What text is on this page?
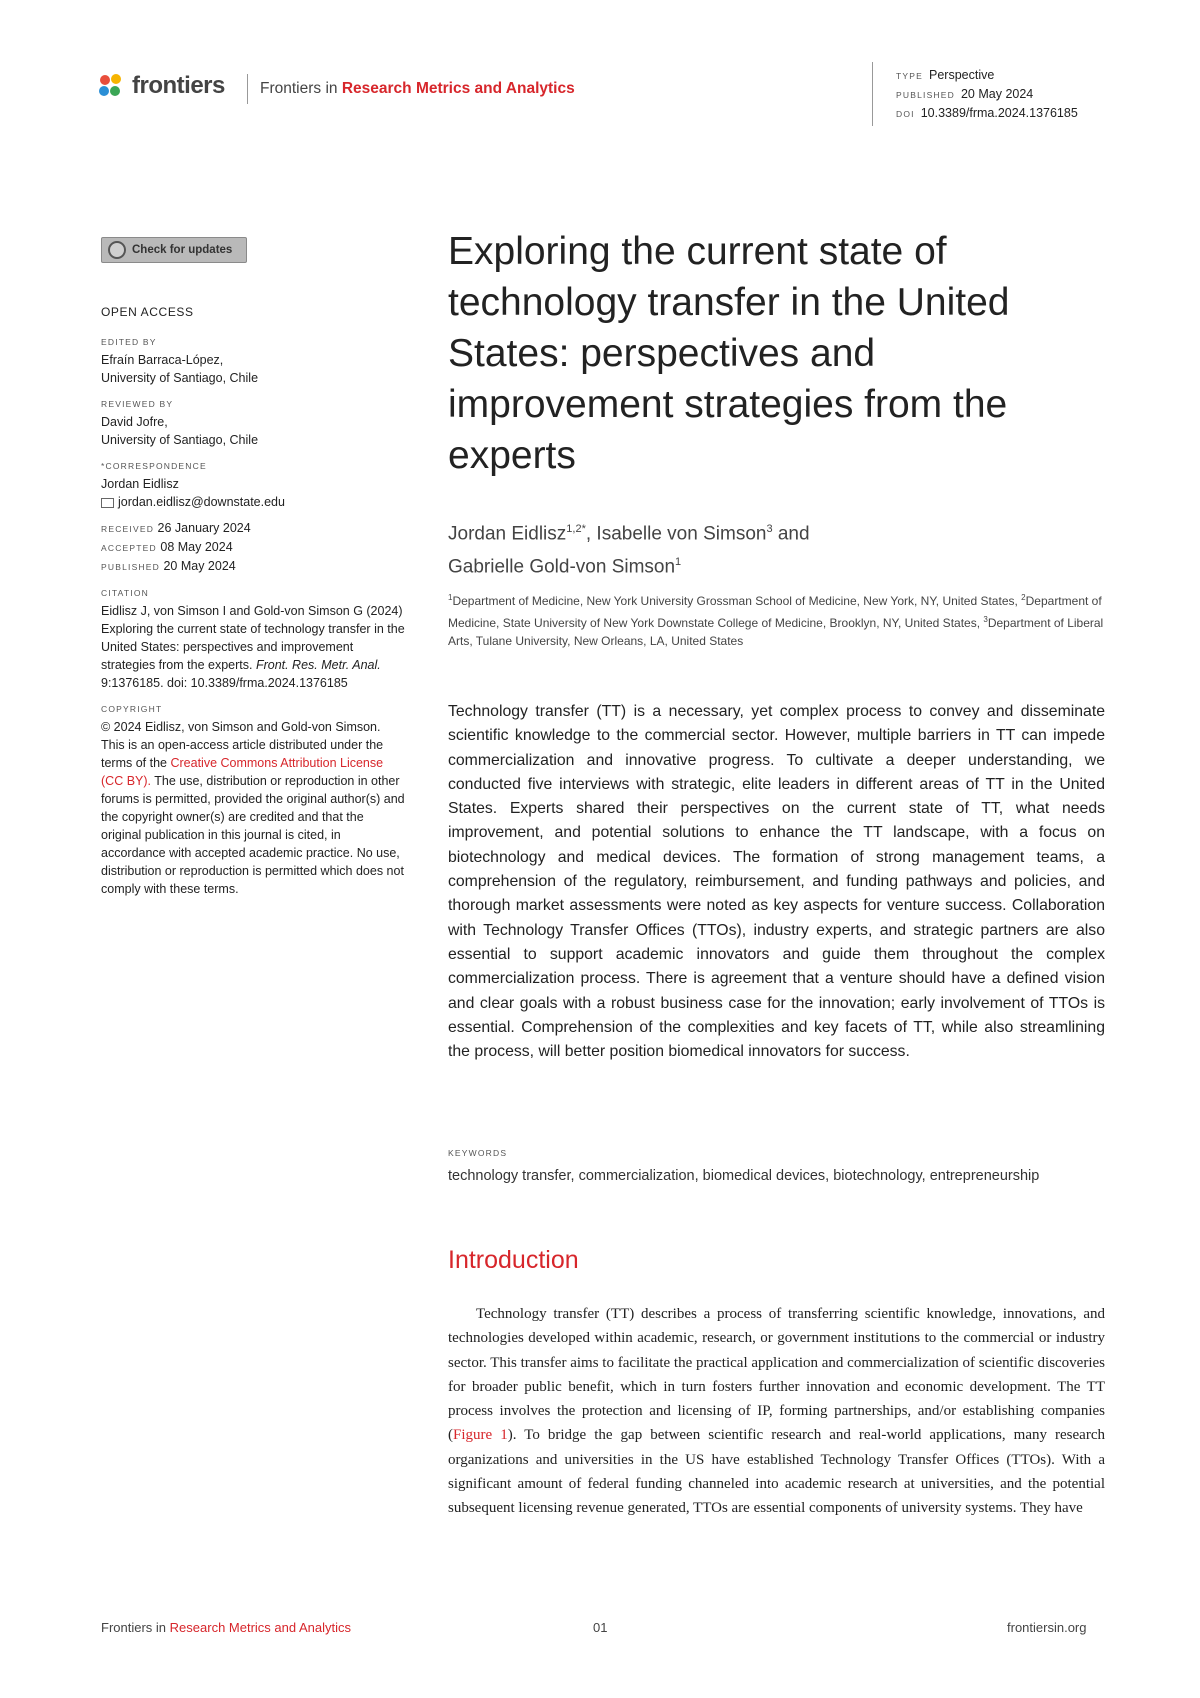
frontiers Frontiers in Research Metrics and Analytics
TYPE Perspective
PUBLISHED 20 May 2024
DOI 10.3389/frma.2024.1376185
Check for updates

OPEN ACCESS

EDITED BY

Efraín Barraca-López,

University of Santiago, Chile

REVIEWED BY

David Jofre,

University of Santiago, Chile

*CORRESPONDENCE

Jordan Eidlisz

jordan.eidlisz@downstate.edu

RECEIVED 26 January 2024

ACCEPTED 08 May 2024

PUBLISHED 20 May 2024

CITATION

Eidlisz J, von Simson I and Gold-von Simson G (2024) Exploring the current state of technology transfer in the United States: perspectives and improvement strategies from the experts. Front. Res. Metr. Anal. 9:1376185. doi: 10.3389/frma.2024.1376185

COPYRIGHT

© 2024 Eidlisz, von Simson and Gold-von Simson. This is an open-access article distributed under the terms of the Creative Commons Attribution License (CC BY). The use, distribution or reproduction in other forums is permitted, provided the original author(s) and the copyright owner(s) are credited and that the original publication in this journal is cited, in accordance with accepted academic practice. No use, distribution or reproduction is permitted which does not comply with these terms.

Exploring the current state of technology transfer in the United States: perspectives and improvement strategies from the experts
Jordan Eidlisz$^{1,2*}$, Isabelle von Simson$^3$ and
Gabrielle Gold-von Simson$^1$
$^1$Department of Medicine, New York University Grossman School of Medicine, New York, NY, United States, $^2$Department of Medicine, State University of New York Downstate College of Medicine, Brooklyn, NY, United States, $^3$Department of Liberal Arts, Tulane University, New Orleans, LA, United States

Technology transfer (TT) is a necessary, yet complex process to convey and disseminate scientific knowledge to the commercial sector. However, multiple barriers in TT can impede commercialization and innovative progress. To cultivate a deeper understanding, we conducted five interviews with strategic, elite leaders in different areas of TT in the United States. Experts shared their perspectives on the current state of TT, what needs improvement, and potential solutions to enhance the TT landscape, with a focus on biotechnology and medical devices. The formation of strong management teams, a comprehension of the regulatory, reimbursement, and funding pathways and policies, and thorough market assessments were noted as key aspects for venture success. Collaboration with Technology Transfer Offices (TTOs), industry experts, and strategic partners are also essential to support academic innovators and guide them throughout the complex commercialization process. There is agreement that a venture should have a defined vision and clear goals with a robust business case for the innovation; early involvement of TTOs is essential. Comprehension of the complexities and key facets of TT, while also streamlining the process, will better position biomedical innovators for success.

KEYWORDS
technology transfer, commercialization, biomedical devices, biotechnology, entrepreneurship
Introduction

Technology transfer (TT) describes a process of transferring scientific knowledge, innovations, and technologies developed within academic, research, or government institutions to the commercial or industry sector. This transfer aims to facilitate the practical application and commercialization of scientific discoveries for broader public benefit, which in turn fosters further innovation and economic development. The TT process involves the protection and licensing of IP, forming partnerships, and/or establishing companies (Figure 1). To bridge the gap between scientific research and real-world applications, many research organizations and universities in the US have established Technology Transfer Offices (TTOs). With a significant amount of federal funding channeled into academic research at universities, and the potential subsequent licensing revenue generated, TTOs are essential components of university systems. They have

Frontiers in Research Metrics and Analytics	01	frontiersin.org
